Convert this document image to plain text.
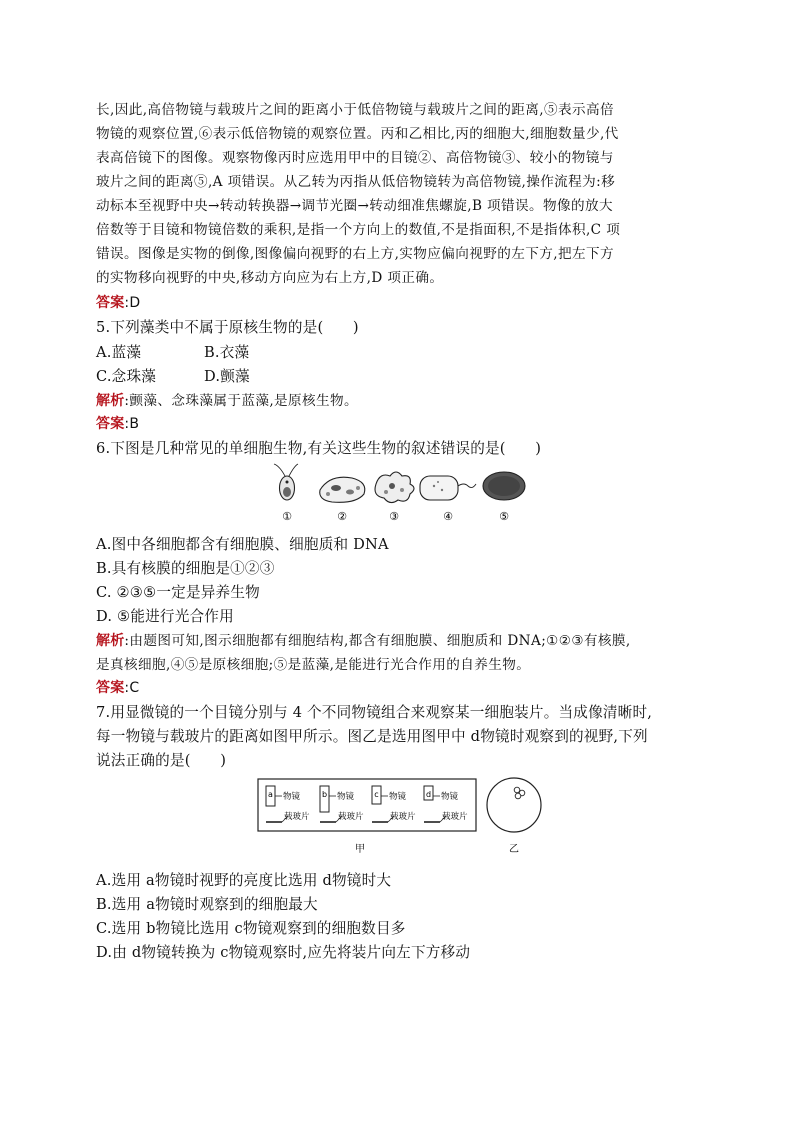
长,因此,高倍物镜与载玻片之间的距离小于低倍物镜与载玻片之间的距离,⑤表示高倍
物镜的观察位置,⑥表示低倍物镜的观察位置。丙和乙相比,丙的细胞大,细胞数量少,代
表高倍镜下的图像。观察物像丙时应选用甲中的目镜②、高倍物镜③、较小的物镜与
玻片之间的距离⑤,A 项错误。从乙转为丙指从低倍物镜转为高倍物镜,操作流程为:移
动标本至视野中央→转动转换器→调节光圈→转动细准焦螺旋,B 项错误。物像的放大
倍数等于目镜和物镜倍数的乘积,是指一个方向上的数值,不是指面积,不是指体积,C 项
错误。图像是实物的倒像,图像偏向视野的右上方,实物应偏向视野的左下方,把左下方
的实物移向视野的中央,移动方向应为右上方,D 项正确。
答案:D
5.下列藻类中不属于原核生物的是(　　)
A.蓝藻	B.衣藻
C.念珠藻	D.颤藻
解析:颤藻、念珠藻属于蓝藻,是原核生物。
答案:B
6.下图是几种常见的单细胞生物,有关这些生物的叙述错误的是(　　)
①	②	③	④	⑤
A.图中各细胞都含有细胞膜、细胞质和 DNA
B.具有核膜的细胞是①②③
C. ②③⑤一定是异养生物
D. ⑤能进行光合作用
解析:由题图可知,图示细胞都有细胞结构,都含有细胞膜、细胞质和 DNA;①②③有核膜,
是真核细胞,④⑤是原核细胞;⑤是蓝藻,是能进行光合作用的自养生物。
答案:C
7.用显微镜的一个目镜分别与 4 个不同物镜组合来观察某一细胞装片。当成像清晰时,
每一物镜与载玻片的距离如图甲所示。图乙是选用图甲中 d物镜时观察到的视野,下列
说法正确的是(　　)
a	b	c	d
物镜	物镜	物镜	物镜
载玻片	载玻片	载玻片	载玻片
甲	乙
A.选用 a物镜时视野的亮度比选用 d物镜时大
B.选用 a物镜时观察到的细胞最大
C.选用 b物镜比选用 c物镜观察到的细胞数目多
D.由 d物镜转换为 c物镜观察时,应先将装片向左下方移动
